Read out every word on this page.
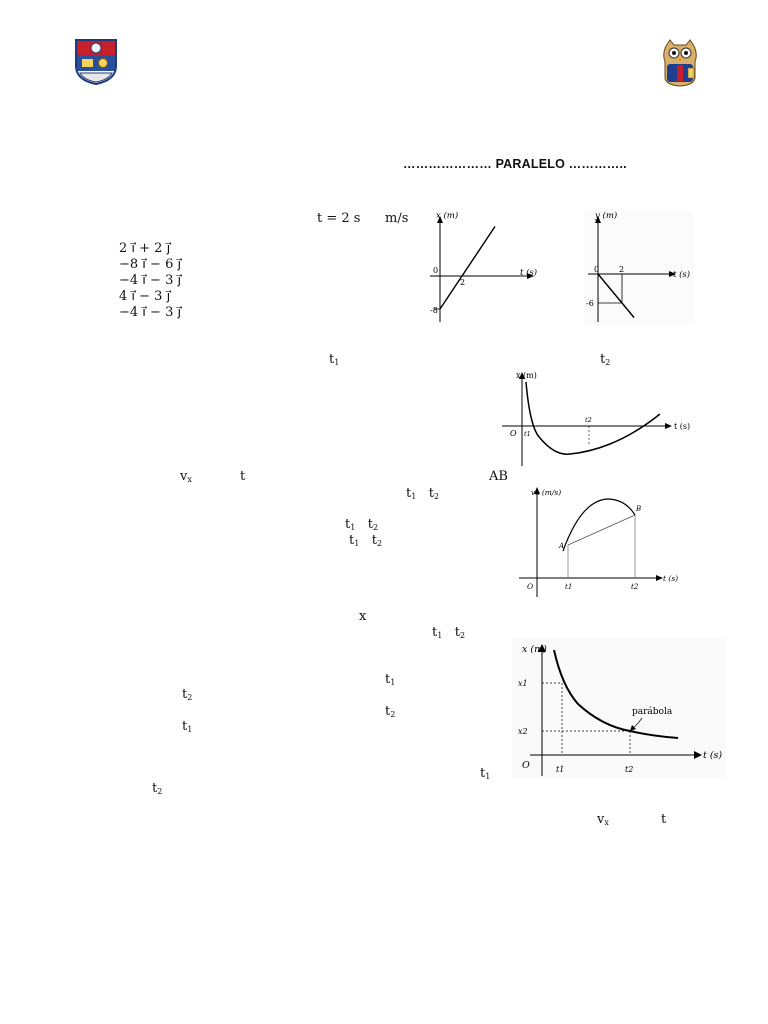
………………… PARALELO …………..
t = 2 s m/s
2 i⃗ + 2 j⃗
−8 i⃗ − 6 j⃗
−4 i⃗ − 3 j⃗
4 i⃗ − 3 j⃗
−4 i⃗ − 3 j⃗
x (m)
t (s)
0
2
-8
y (m)
t (s)
0 2
-6
$t_1$	$t_2$
x (m)
t (s)
O t1
t2
$v_x$	t	AB
$t_1$ $t_2$
$t_1$ $t_2$
$t_1$ $t_2$
vx (m/s)
t (s)
O	t1	t2
A
B
x
$t_1$ $t_2$
$t_1$
$t_2$
$t_2$
$t_1$
$t_1$
$t_2$
x (m)
t (s)
O
x1
x2
t1	t2
parábola
$v_x$	t
